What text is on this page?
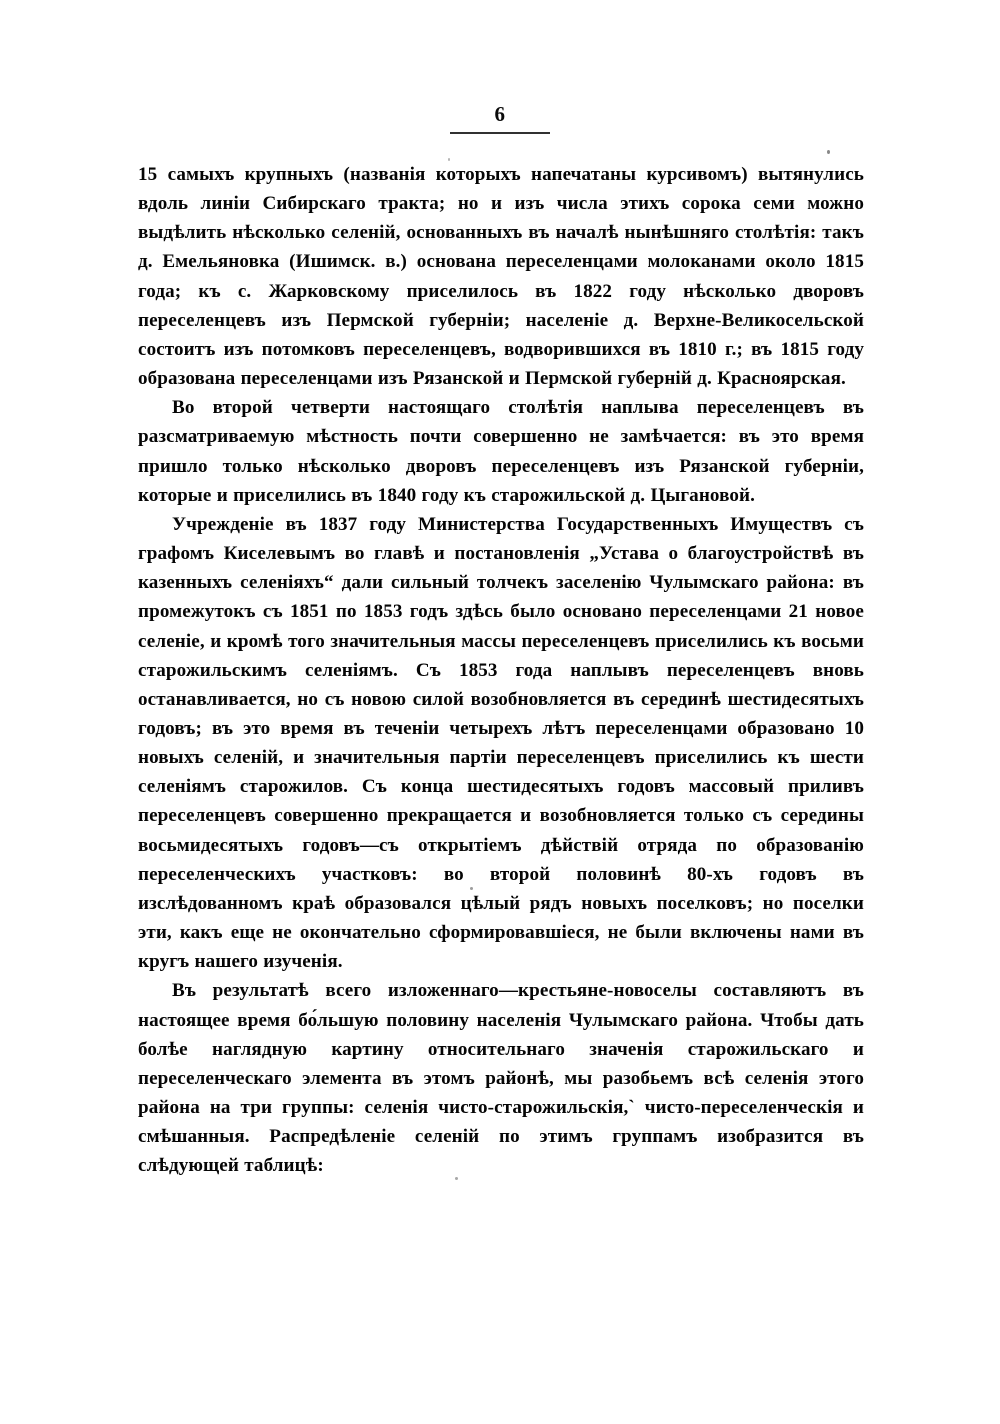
6

15 самыхъ крупныхъ (названія которыхъ напечатаны курсивомъ) вытянулись вдоль линіи Сибирскаго тракта; но и изъ числа этихъ сорока семи можно выдѣлить нѣсколько селеній, основанныхъ въ началѣ нынѣшняго столѣтія: такъ д. Емельяновка (Ишимск. в.) основана переселенцами молоканами около 1815 года; къ с. Жарковскому приселилось въ 1822 году нѣсколько дворовъ переселенцевъ изъ Пермской губерніи; населеніе д. Верхне-Великосельской состоитъ изъ потомковъ переселенцевъ, водворившихся въ 1810 г.; въ 1815 году образована переселенцами изъ Рязанской и Пермской губерній д. Красноярская.

Во второй четверти настоящаго столѣтія наплыва переселенцевъ въ разсматриваемую мѣстность почти совершенно не замѣчается: въ это время пришло только нѣсколько дворовъ переселенцевъ изъ Рязанской губерніи, которые и приселились въ 1840 году къ старожильской д. Цыгановой.

Учрежденіе въ 1837 году Министерства Государственныхъ Имуществъ съ графомъ Киселевымъ во главѣ и постановленія „Устава о благоустройствѣ въ казенныхъ селеніяхъ“ дали сильный толчекъ заселенію Чулымскаго района: въ промежутокъ съ 1851 по 1853 годъ здѣсь было основано переселенцами 21 новое селеніе, и кромѣ того значительныя массы переселенцевъ приселились къ восьми старожильскимъ селеніямъ. Съ 1853 года наплывъ переселенцевъ вновь останавливается, но съ новою силой возобновляется въ серединѣ шестидесятыхъ годовъ; въ это время въ теченіи четырехъ лѣтъ переселенцами образовано 10 новыхъ селеній, и значительныя партіи переселенцевъ приселились къ шести селеніямъ старожилов. Съ конца шестидесятыхъ годовъ массовый приливъ переселенцевъ совершенно прекращается и возобновляется только съ середины восьмидесятыхъ годовъ—съ открытіемъ дѣйствій отряда по образованію переселенческихъ участковъ: во второй половинѣ 80-хъ годовъ въ изслѣдованномъ краѣ образовался цѣлый рядъ новыхъ поселковъ; но поселки эти, какъ еще не окончательно сформировавшіеся, не были включены нами въ кругъ нашего изученія.

Въ результатѣ всего изложеннаго—крестьяне-новоселы составляютъ въ настоящее время бо́льшую половину населенія Чулымскаго района. Чтобы дать болѣе наглядную картину относительнаго значенія старожильскаго и переселенческаго элемента въ этомъ районѣ, мы разобьемъ всѣ селенія этого района на три группы: селенія чисто-старожильскія,` чисто-переселенческія и смѣшанныя. Распредѣленіе селеній по этимъ группамъ изобразится въ слѣдующей таблицѣ:
